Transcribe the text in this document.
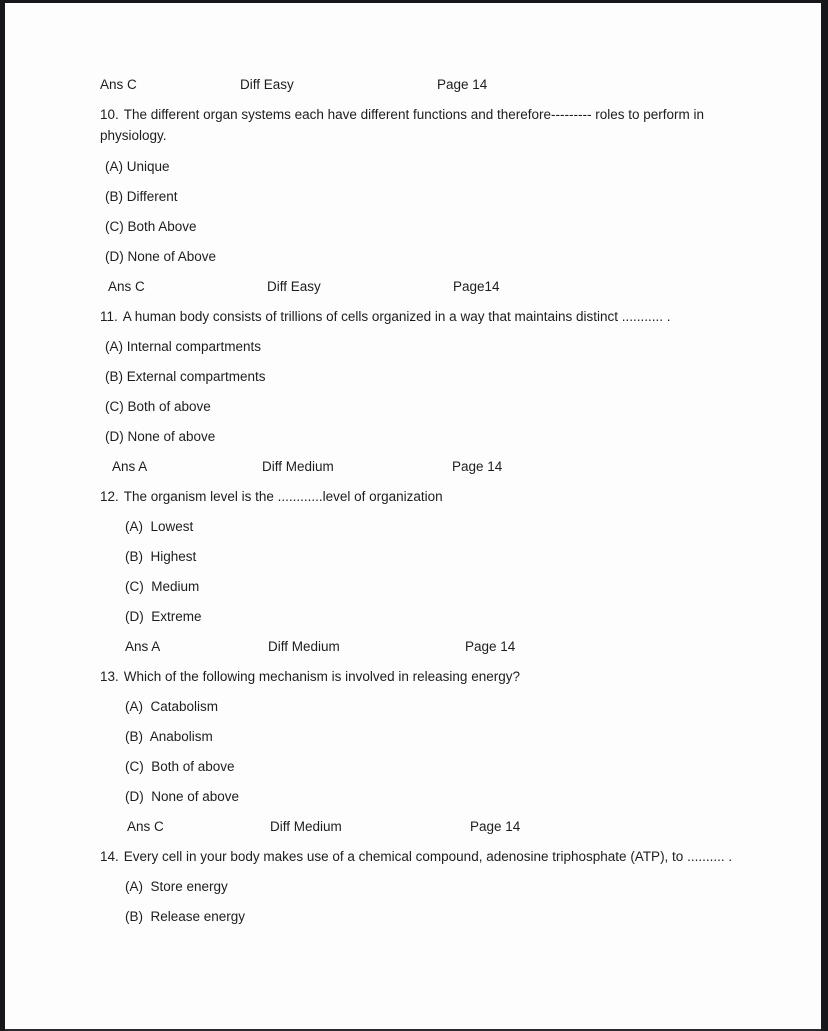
Ans C	Diff Easy	Page 14

10. The different organ systems each have different functions and therefore--------- roles to perform in physiology.

(A) Unique
(B) Different
(C) Both Above
(D) None of Above
Ans C	Diff Easy	Page14
11. A human body consists of trillions of cells organized in a way that maintains distinct ........... .
(A) Internal compartments
(B) External compartments
(C) Both of above
(D) None of above
Ans A	Diff Medium	Page 14
12. The organism level is the ............level of organization
(A)  Lowest
(B)  Highest
(C)  Medium
(D)  Extreme
Ans A	Diff Medium	Page 14
13. Which of the following mechanism is involved in releasing energy?
(A)  Catabolism
(B)  Anabolism
(C)  Both of above
(D)  None of above
Ans C	Diff Medium	Page 14
14. Every cell in your body makes use of a chemical compound, adenosine triphosphate (ATP), to .......... .
(A)  Store energy
(B)  Release energy
